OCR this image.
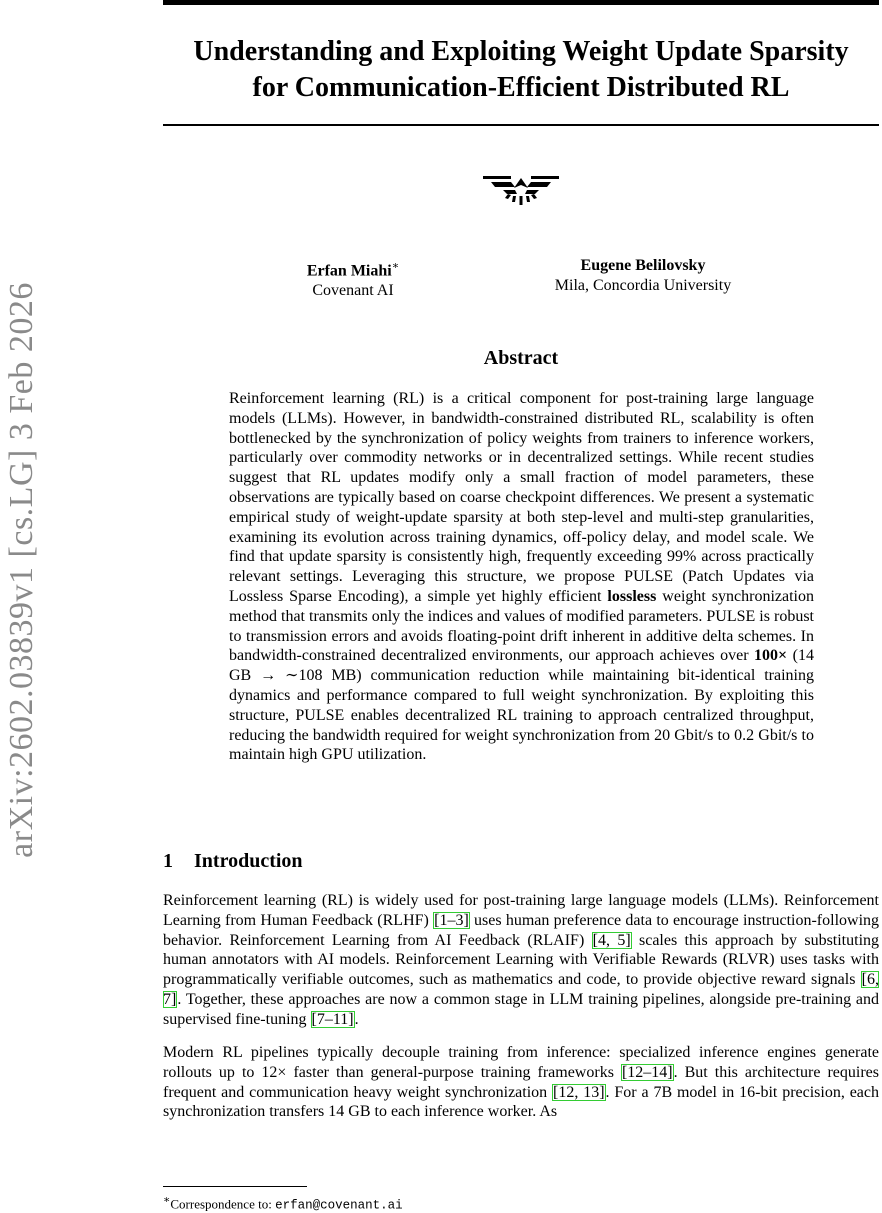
Understanding and Exploiting Weight Update Sparsity
for Communication-Efficient Distributed RL
arXiv:2602.03839v1 [cs.LG] 3 Feb 2026
Erfan Miahi∗
Covenant AI
Eugene Belilovsky
Mila, Concordia University
Abstract
Reinforcement learning (RL) is a critical component for post-training large language models (LLMs). However, in bandwidth-constrained distributed RL, scalability is often bottlenecked by the synchronization of policy weights from trainers to inference workers, particularly over commodity networks or in decentralized settings. While recent studies suggest that RL updates modify only a small fraction of model parameters, these observations are typically based on coarse checkpoint differences. We present a systematic empirical study of weight-update sparsity at both step-level and multi-step granularities, examining its evolution across training dynamics, off-policy delay, and model scale. We find that update sparsity is consistently high, frequently exceeding 99% across practically relevant settings. Leveraging this structure, we propose PULSE (Patch Updates via Lossless Sparse Encoding), a simple yet highly efficient lossless weight synchronization method that transmits only the indices and values of modified parameters. PULSE is robust to transmission errors and avoids floating-point drift inherent in additive delta schemes. In bandwidth-constrained decentralized environments, our approach achieves over 100× (14 GB → ∼108 MB) communication reduction while maintaining bit-identical training dynamics and performance compared to full weight synchronization. By exploiting this structure, PULSE enables decentralized RL training to approach centralized throughput, reducing the bandwidth required for weight synchronization from 20 Gbit/s to 0.2 Gbit/s to maintain high GPU utilization.
1 Introduction
Reinforcement learning (RL) is widely used for post-training large language models (LLMs). Reinforcement Learning from Human Feedback (RLHF) [1–3] uses human preference data to encourage instruction-following behavior. Reinforcement Learning from AI Feedback (RLAIF) [4, 5] scales this approach by substituting human annotators with AI models. Reinforcement Learning with Verifiable Rewards (RLVR) uses tasks with programmatically verifiable outcomes, such as mathematics and code, to provide objective reward signals [6, 7]. Together, these approaches are now a common stage in LLM training pipelines, alongside pre-training and supervised fine-tuning [7–11].
Modern RL pipelines typically decouple training from inference: specialized inference engines generate rollouts up to 12× faster than general-purpose training frameworks [12–14]. But this architecture requires frequent and communication heavy weight synchronization [12, 13]. For a 7B model in 16-bit precision, each synchronization transfers 14 GB to each inference worker. As
∗Correspondence to: erfan@covenant.ai
